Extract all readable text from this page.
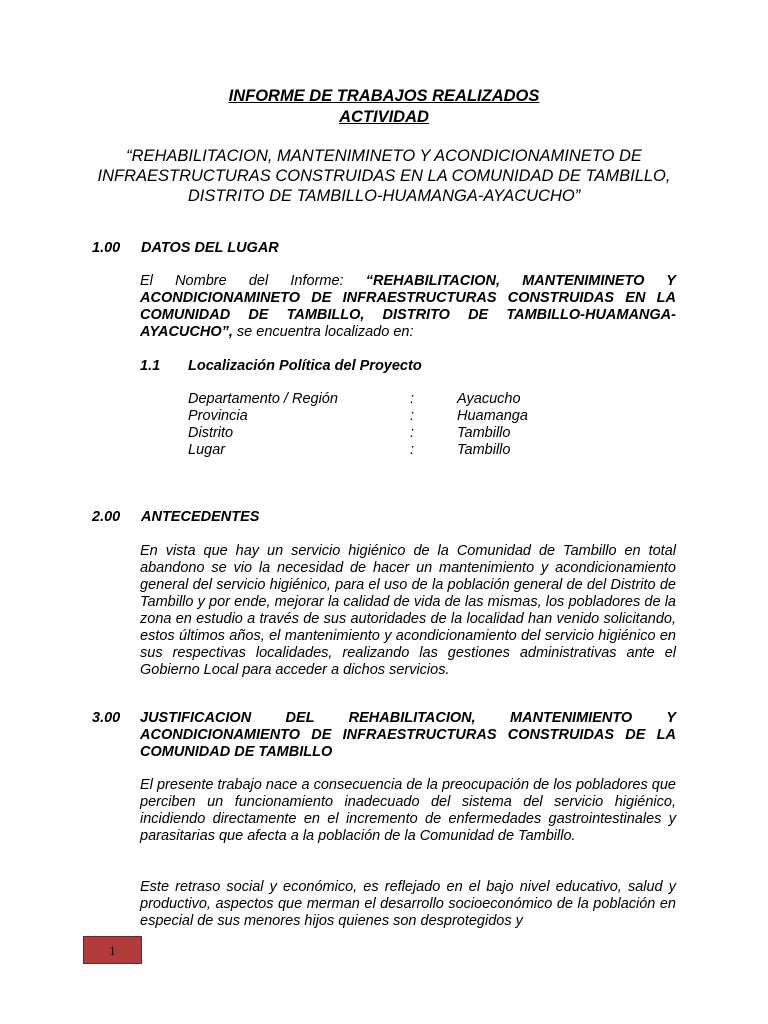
INFORME DE TRABAJOS REALIZADOS
ACTIVIDAD
“REHABILITACION, MANTENIMINETO Y ACONDICIONAMINETO DE INFRAESTRUCTURAS CONSTRUIDAS EN LA COMUNIDAD DE TAMBILLO, DISTRITO DE TAMBILLO-HUAMANGA-AYACUCHO”
1.00 DATOS DEL LUGAR
El Nombre del Informe: “REHABILITACION, MANTENIMINETO Y ACONDICIONAMINETO DE INFRAESTRUCTURAS CONSTRUIDAS EN LA COMUNIDAD DE TAMBILLO, DISTRITO DE TAMBILLO-HUAMANGA-AYACUCHO”, se encuentra localizado en:
1.1 Localización Política del Proyecto
Departamento / Región	:	Ayacucho
Provincia	:	Huamanga
Distrito	:	Tambillo
Lugar	:	Tambillo
2.00 ANTECEDENTES
En vista que hay un servicio higiénico de la Comunidad de Tambillo en total abandono se vio la necesidad de hacer un mantenimiento y acondicionamiento general del servicio higiénico, para el uso de la población general de del Distrito de Tambillo y por ende, mejorar la calidad de vida de las mismas, los pobladores de la zona en estudio a través de sus autoridades de la localidad han venido solicitando, estos últimos años, el mantenimiento y acondicionamiento del servicio higiénico en sus respectivas localidades, realizando las gestiones administrativas ante el Gobierno Local para acceder a dichos servicios.
3.00 JUSTIFICACION DEL REHABILITACION, MANTENIMIENTO Y ACONDICIONAMIENTO DE INFRAESTRUCTURAS CONSTRUIDAS DE LA COMUNIDAD DE TAMBILLO
El presente trabajo nace a consecuencia de la preocupación de los pobladores que perciben un funcionamiento inadecuado del sistema del servicio higiénico, incidiendo directamente en el incremento de enfermedades gastrointestinales y parasitarias que afecta a la población de la Comunidad de Tambillo.
Este retraso social y económico, es reflejado en el bajo nivel educativo, salud y productivo, aspectos que merman el desarrollo socioeconómico de la población en especial de sus menores hijos quienes son desprotegidos y
1
